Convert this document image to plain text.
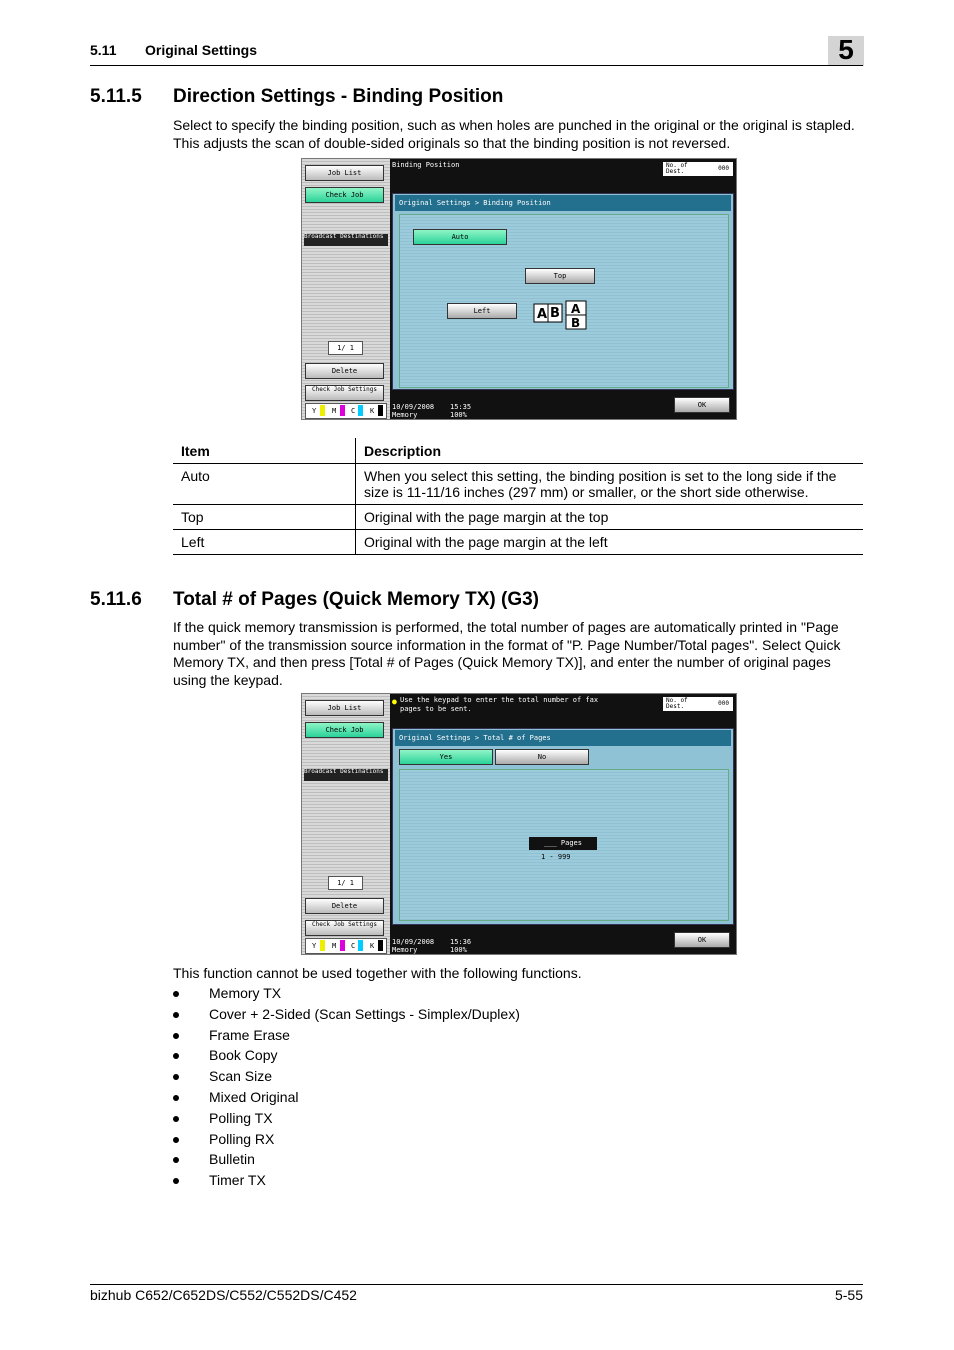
5.11 Original Settings	5
5.11.5 Direction Settings - Binding Position
Select to specify the binding position, such as when holes are punched in the original or the original is stapled. This adjusts the scan of double-sided originals so that the binding position is not reversed.
Job List
Check Job
Broadcast Destinations
1/ 1
Delete
Check Job Settings
Y M C K
Binding Position	No. of Dest.	000
Original Settings > Binding Position
Auto
Top
Left	A B A
B
10/09/2008 15:35
Memory	100%
OK
Item	Description
Auto	When you select this setting, the binding position is set to the long side if the size is 11-11/16 inches (297 mm) or smaller, or the short side otherwise.
Top	Original with the page margin at the top
Left	Original with the page margin at the left
5.11.6 Total # of Pages (Quick Memory TX) (G3)
If the quick memory transmission is performed, the total number of pages are automatically printed in "Page number" of the transmission source information in the format of "P. Page Number/Total pages". Select Quick Memory TX, and then press [Total # of Pages (Quick Memory TX)], and enter the number of original pages using the keypad.
Job List
Check Job
Broadcast Destinations
1/ 1
Delete
Check Job Settings
Y M C K
● Use the keypad to enter the total number of fax pages to be sent.
No. of Dest.	000
Original Settings > Total # of Pages
Yes	No
___ Pages
1 - 999
10/09/2008 15:36
Memory	100%
OK
This function cannot be used together with the following functions.
Memory TX
Cover + 2-Sided (Scan Settings - Simplex/Duplex)
Frame Erase
Book Copy
Scan Size
Mixed Original
Polling TX
Polling RX
Bulletin
Timer TX
bizhub C652/C652DS/C552/C552DS/C452	5-55
